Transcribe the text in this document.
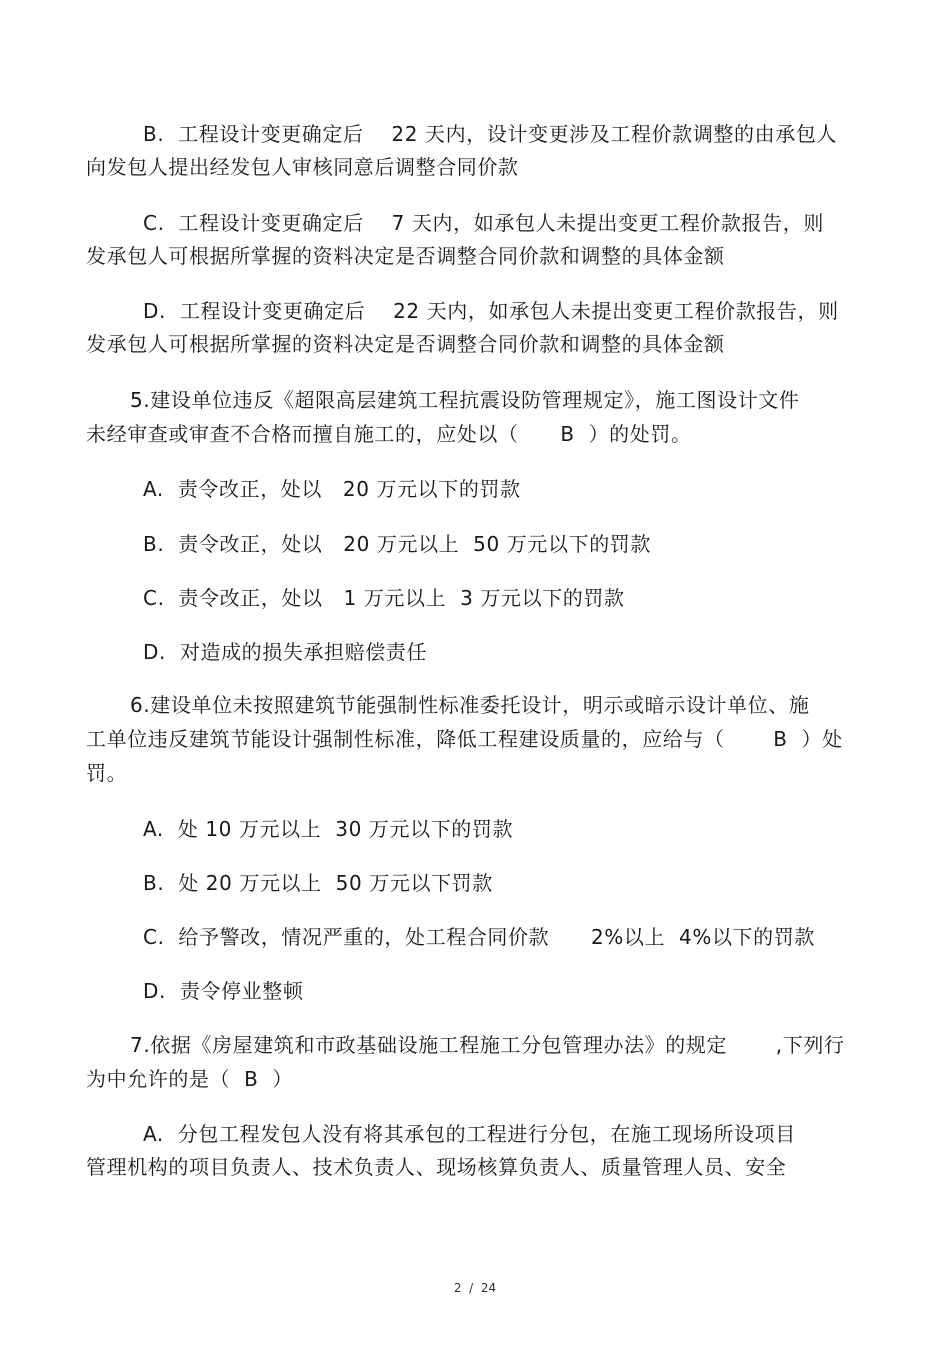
B.  工程设计变更确定后    22 天内，设计变更涉及工程价款调整的由承包人
向发包人提出经发包人审核同意后调整合同价款
C.  工程设计变更确定后    7 天内，如承包人未提出变更工程价款报告，则
发承包人可根据所掌握的资料决定是否调整合同价款和调整的具体金额
D.  工程设计变更确定后    22 天内，如承包人未提出变更工程价款报告，则
发承包人可根据所掌握的资料决定是否调整合同价款和调整的具体金额
5.建设单位违反《超限高层建筑工程抗震设防管理规定》，施工图设计文件
未经审查或审查不合格而擅自施工的，应处以（      B  ）的处罚。
A.  责令改正，处以   20 万元以下的罚款
B.  责令改正，处以   20 万元以上  50 万元以下的罚款
C.  责令改正，处以   1 万元以上  3 万元以下的罚款
D.  对造成的损失承担赔偿责任
6.建设单位未按照建筑节能强制性标准委托设计，明示或暗示设计单位、施
工单位违反建筑节能设计强制性标准，降低工程建设质量的，应给与（       B  ）处
罚。
A.  处 10 万元以上  30 万元以下的罚款
B.  处 20 万元以上  50 万元以下罚款
C.  给予警改，情况严重的，处工程合同价款      2%以上  4%以下的罚款
D.  责令停业整顿
7.依据《房屋建筑和市政基础设施工程施工分包管理办法》的规定       ,下列行
为中允许的是（  B  ）
A.  分包工程发包人没有将其承包的工程进行分包，在施工现场所设项目
管理机构的项目负责人、技术负责人、现场核算负责人、质量管理人员、安全
2  /  24
